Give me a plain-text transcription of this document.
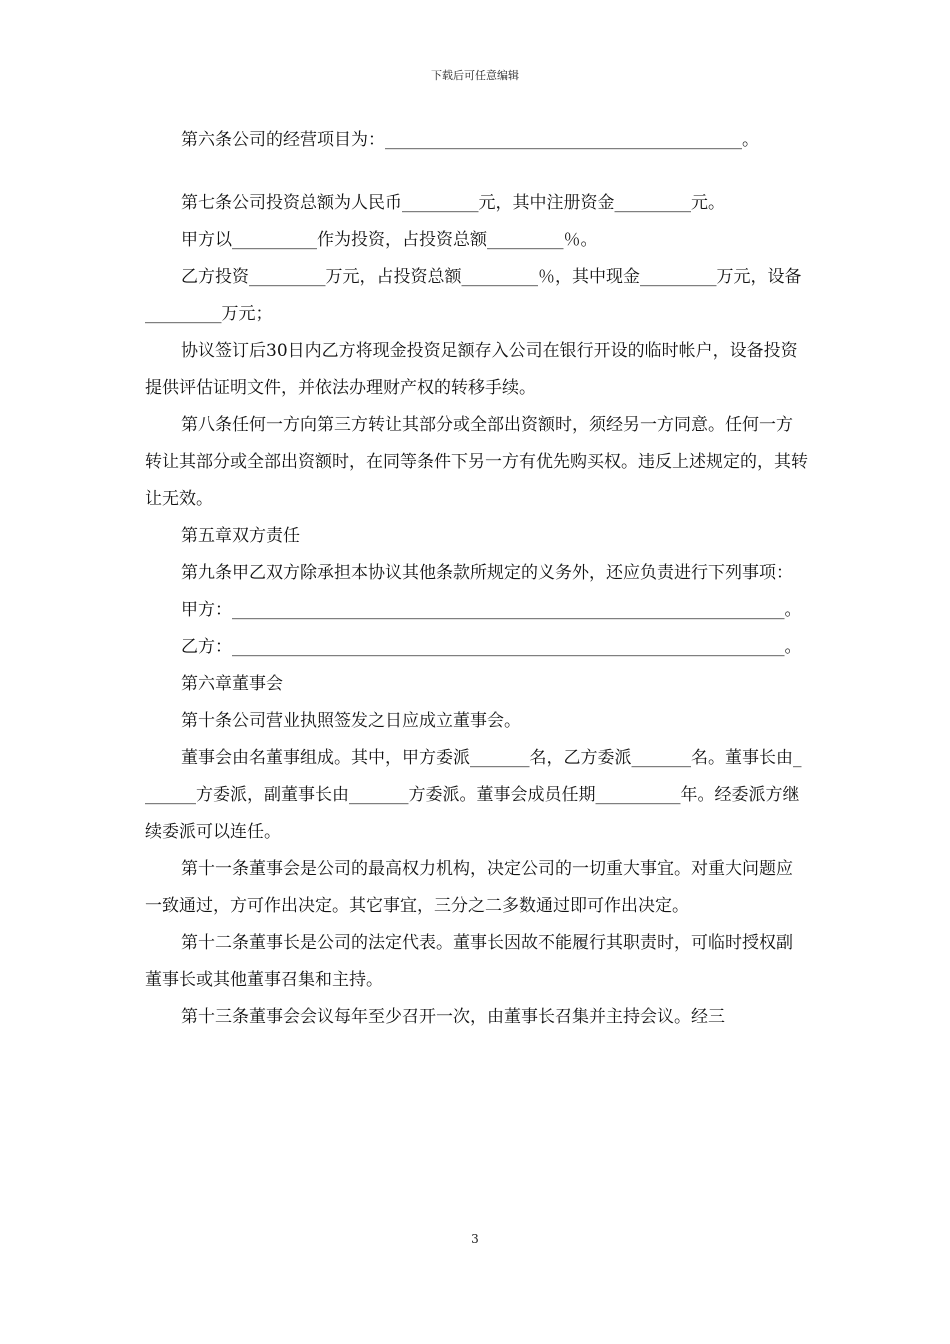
下载后可任意编辑

第六条公司的经营项目为：__________________________________________。

第七条公司投资总额为人民币_________元，其中注册资金_________元。

甲方以__________作为投资，占投资总额_________％。

乙方投资_________万元，占投资总额_________％，其中现金_________万元，设备_________万元；

协议签订后30日内乙方将现金投资足额存入公司在银行开设的临时帐户，设备投资提供评估证明文件，并依法办理财产权的转移手续。

第八条任何一方向第三方转让其部分或全部出资额时，须经另一方同意。任何一方转让其部分或全部出资额时，在同等条件下另一方有优先购买权。违反上述规定的，其转让无效。

第五章双方责任

第九条甲乙双方除承担本协议其他条款所规定的义务外，还应负责进行下列事项：

甲方：_________________________________________________________________。

乙方：_________________________________________________________________。

第六章董事会

第十条公司营业执照签发之日应成立董事会。

董事会由名董事组成。其中，甲方委派_______名，乙方委派_______名。董事长由_______方委派，副董事长由_______方委派。董事会成员任期__________年。经委派方继续委派可以连任。

第十一条董事会是公司的最高权力机构，决定公司的一切重大事宜。对重大问题应一致通过，方可作出决定。其它事宜，三分之二多数通过即可作出决定。

第十二条董事长是公司的法定代表。董事长因故不能履行其职责时，可临时授权副董事长或其他董事召集和主持。

第十三条董事会会议每年至少召开一次，由董事长召集并主持会议。经三

3
